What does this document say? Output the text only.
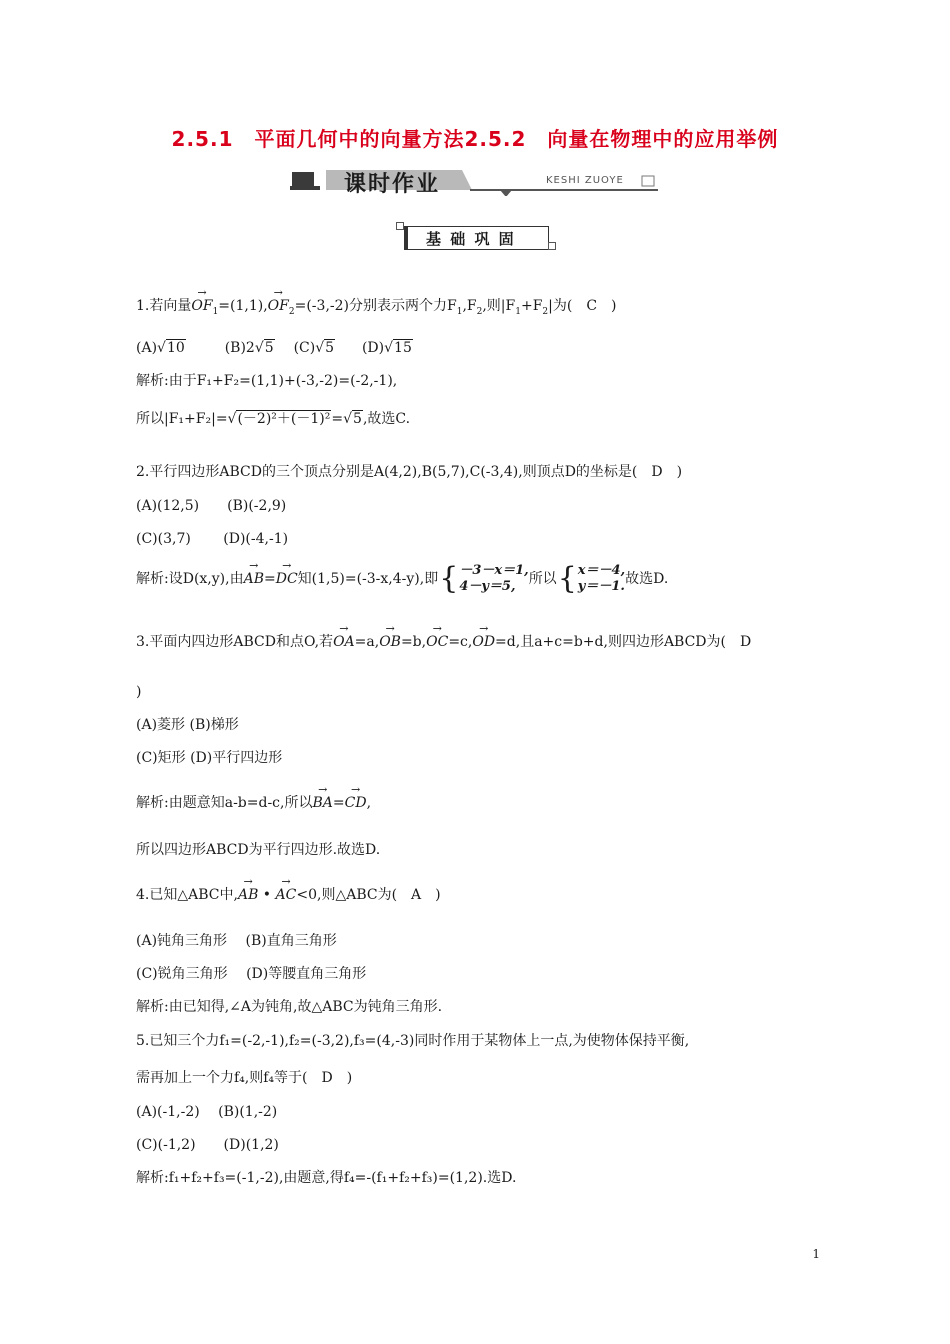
2.5.1　平面几何中的向量方法2.5.2　向量在物理中的应用举例
课时作业	KESHI ZUOYE
基 础 巩 固
1.若向量→ $OF_1=(1,1),\to OF_2=(-3,-2)$分别表示两个力$F_1,F_2$,则$|F_1+F_2|$为(　C　)
(A)√10	(B)2√5 (C)√5 (D)√15
解析:由于F₁+F₂=(1,1)+(-3,-2)=(-2,-1),
所以|F₁+F₂|=√(－2)²＋(－1)²=√5,故选C.
2.平行四边形ABCD的三个顶点分别是A(4,2),B(5,7),C(-3,4),则顶点D的坐标是(　D　)
(A)(12,5)　　(B)(-2,9)
(C)(3,7)　　 (D)(-4,-1)
解析:设D(x,y),由→ AB=→ DC知(1,5)=(-3-x,4-y),即{－3－x＝1,
4－y＝5, 所以{x＝－4,
y＝－1.故选D.
3.平面内四边形ABCD和点O,若→ OA=a,→ OB=b,→ OC=c,→ OD=d,且a+c=b+d,则四边形ABCD为(　D
)
(A)菱形 (B)梯形
(C)矩形 (D)平行四边形
解析:由题意知a-b=d-c,所以→ BA=→ CD,
所以四边形ABCD为平行四边形.故选D.
4.已知△ABC中,→ AB • → AC<0,则△ABC为(　A　)
(A)钝角三角形　 (B)直角三角形
(C)锐角三角形　 (D)等腰直角三角形
解析:由已知得,∠A为钝角,故△ABC为钝角三角形.
5.已知三个力f₁=(-2,-1),f₂=(-3,2),f₃=(4,-3)同时作用于某物体上一点,为使物体保持平衡,
需再加上一个力f₄,则f₄等于(　D　)
(A)(-1,-2)　 (B)(1,-2)
(C)(-1,2)　　(D)(1,2)
解析:f₁+f₂+f₃=(-1,-2),由题意,得f₄=-(f₁+f₂+f₃)=(1,2).选D.
1
